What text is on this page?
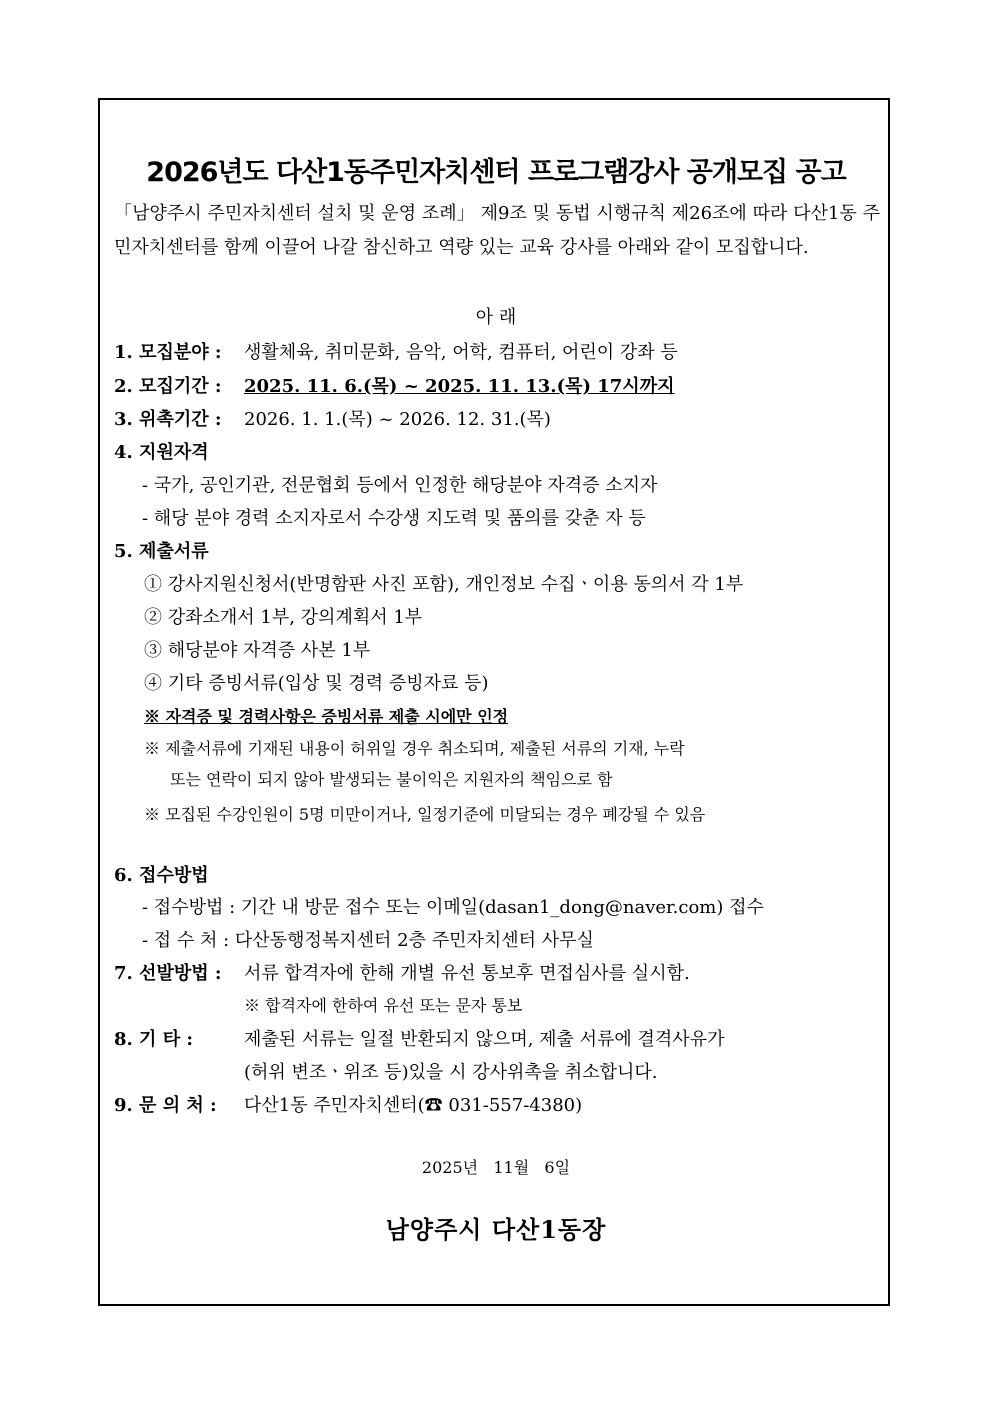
2026년도 다산1동주민자치센터 프로그램강사 공개모집 공고
「남양주시 주민자치센터 설치 및 운영 조례」 제9조 및 동법 시행규칙 제26조에 따라 다산1동 주민자치센터를 함께 이끌어 나갈 참신하고 역량 있는 교육 강사를 아래와 같이 모집합니다.
아 래
1. 모집분야 : 생활체육, 취미문화, 음악, 어학, 컴퓨터, 어린이 강좌 등
2. 모집기간 : 2025. 11. 6.(목) ~ 2025. 11. 13.(목) 17시까지
3. 위촉기간 : 2026. 1. 1.(목) ~ 2026. 12. 31.(목)
4. 지원자격
- 국가, 공인기관, 전문협회 등에서 인정한 해당분야 자격증 소지자
- 해당 분야 경력 소지자로서 수강생 지도력 및 품의를 갖춘 자 등
5. 제출서류
① 강사지원신청서(반명함판 사진 포함), 개인정보 수집ㆍ이용 동의서 각 1부
② 강좌소개서 1부, 강의계획서 1부
③ 해당분야 자격증 사본 1부
④ 기타 증빙서류(입상 및 경력 증빙자료 등)
※ 자격증 및 경력사항은 증빙서류 제출 시에만 인정
※ 제출서류에 기재된 내용이 허위일 경우 취소되며, 제출된 서류의 기재, 누락
또는 연락이 되지 않아 발생되는 불이익은 지원자의 책임으로 함
※ 모집된 수강인원이 5명 미만이거나, 일정기준에 미달되는 경우 폐강될 수 있음
6. 접수방법
- 접수방법 : 기간 내 방문 접수 또는 이메일(dasan1_dong@naver.com) 접수
- 접 수 처 : 다산동행정복지센터 2층 주민자치센터 사무실
7. 선발방법 : 서류 합격자에 한해 개별 유선 통보후 면접심사를 실시함.
※ 합격자에 한하여 유선 또는 문자 통보
8. 기 타 :	제출된 서류는 일절 반환되지 않으며, 제출 서류에 결격사유가
(허위 변조ㆍ위조 등)있을 시 강사위촉을 취소합니다.
9. 문 의 처 : 다산1동 주민자치센터(☎ 031-557-4380)
2025년   11월   6일
남양주시 다산1동장
